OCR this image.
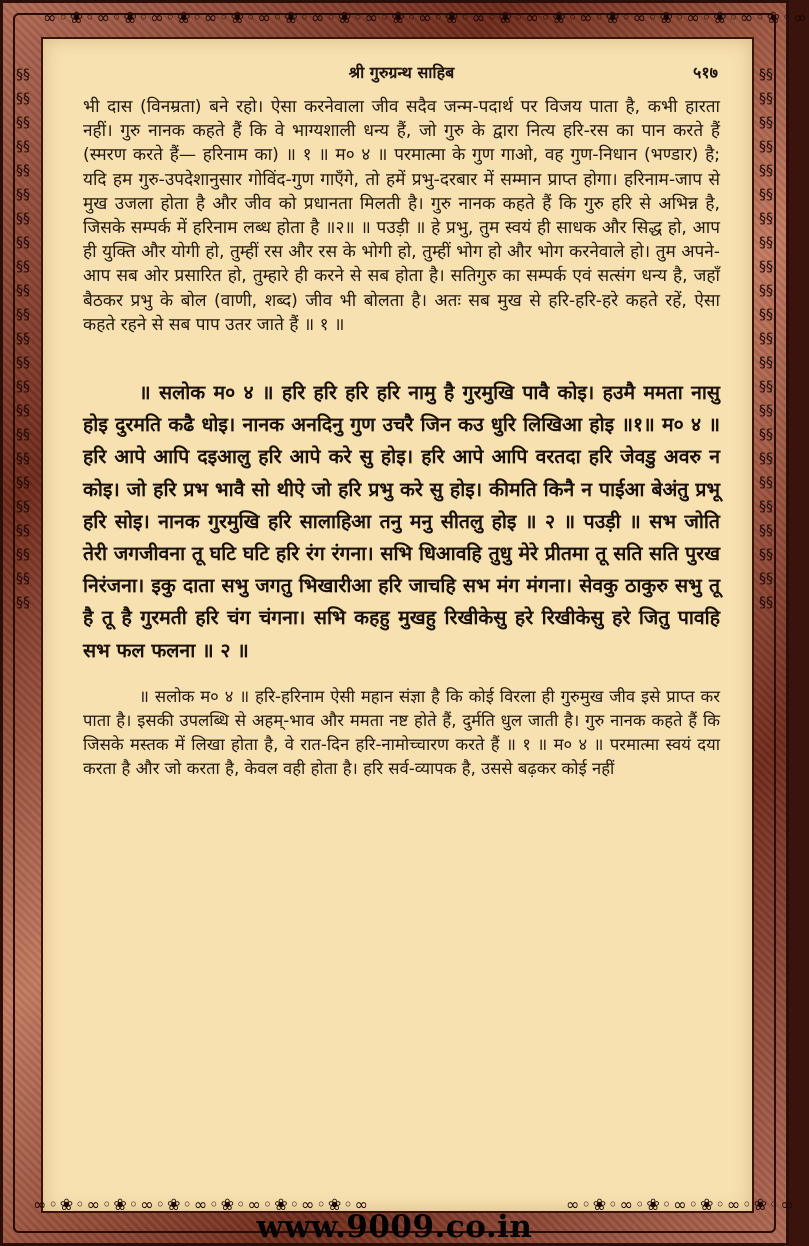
∞◦❀◦∞◦❀◦∞◦❀◦∞◦❀◦∞◦❀◦∞◦❀◦∞◦❀◦∞◦❀◦∞◦❀◦∞◦❀◦∞◦❀◦∞◦❀◦∞◦❀◦∞◦❀◦∞
§§§§§§§§§§§§§§§§§§§§§§§§§§§§§§§§§§§§§§§§§§§§§§
§§§§§§§§§§§§§§§§§§§§§§§§§§§§§§§§§§§§§§§§§§§§§§
श्री गुरुग्रन्थ साहिब	५१७

भी दास (विनम्रता) बने रहो। ऐसा करनेवाला जीव सदैव जन्म-पदार्थ पर विजय पाता है, कभी हारता नहीं। गुरु नानक कहते हैं कि वे भाग्यशाली धन्य हैं, जो गुरु के द्वारा नित्य हरि-रस का पान करते हैं (स्मरण करते हैं— हरिनाम का) ॥ १ ॥ म० ४ ॥ परमात्मा के गुण गाओ, वह गुण-निधान (भण्डार) है; यदि हम गुरु-उपदेशानुसार गोविंद-गुण गाएँगे, तो हमें प्रभु-दरबार में सम्मान प्राप्त होगा। हरिनाम-जाप से मुख उजला होता है और जीव को प्रधानता मिलती है। गुरु नानक कहते हैं कि गुरु हरि से अभिन्न है, जिसके सम्पर्क में हरिनाम लब्ध होता है ॥२॥ ॥ पउड़ी ॥ हे प्रभु, तुम स्वयं ही साधक और सिद्ध हो, आप ही युक्ति और योगी हो, तुम्हीं रस और रस के भोगी हो, तुम्हीं भोग हो और भोग करनेवाले हो। तुम अपने-आप सब ओर प्रसारित हो, तुम्हारे ही करने से सब होता है। सतिगुरु का सम्पर्क एवं सत्संग धन्य है, जहाँ बैठकर प्रभु के बोल (वाणी, शब्द) जीव भी बोलता है। अतः सब मुख से हरि-हरि-हरे कहते रहें, ऐसा कहते रहने से सब पाप उतर जाते हैं ॥ १ ॥

॥ सलोक म० ४ ॥ हरि हरि हरि हरि नामु है गुरमुखि पावै कोइ। हउमै ममता नासु होइ दुरमति कढै धोइ। नानक अनदिनु गुण उचरै जिन कउ धुरि लिखिआ होइ ॥१॥ म० ४ ॥ हरि आपे आपि दइआलु हरि आपे करे सु होइ। हरि आपे आपि वरतदा हरि जेवडु अवरु न कोइ। जो हरि प्रभ भावै सो थीऐ जो हरि प्रभु करे सु होइ। कीमति किनै न पाईआ बेअंतु प्रभू हरि सोइ। नानक गुरमुखि हरि सालाहिआ तनु मनु सीतलु होइ ॥ २ ॥ पउड़ी ॥ सभ जोति तेरी जगजीवना तू घटि घटि हरि रंग रंगना। सभि धिआवहि तुधु मेरे प्रीतमा तू सति सति पुरख निरंजना। इकु दाता सभु जगतु भिखारीआ हरि जाचहि सभ मंग मंगना। सेवकु ठाकुरु सभु तू है तू है गुरमती हरि चंग चंगना। सभि कहहु मुखहु रिखीकेसु हरे रिखीकेसु हरे जितु पावहि सभ फल फलना ॥ २ ॥

॥ सलोक म० ४ ॥ हरि-हरिनाम ऐसी महान संज्ञा है कि कोई विरला ही गुरुमुख जीव इसे प्राप्त कर पाता है। इसकी उपलब्धि से अहम्-भाव और ममता नष्ट होते हैं, दुर्मति धुल जाती है। गुरु नानक कहते हैं कि जिसके मस्तक में लिखा होता है, वे रात-दिन हरि-नामोच्चारण करते हैं ॥ १ ॥ म० ४ ॥ परमात्मा स्वयं दया करता है और जो करता है, केवल वही होता है। हरि सर्व-व्यापक है, उससे बढ़कर कोई नहीं

∞◦❀◦∞◦❀◦∞◦❀◦∞◦❀◦∞◦❀◦∞◦❀◦∞	∞◦❀◦∞◦❀◦∞◦❀◦∞◦❀◦∞
www.9009.co.in
